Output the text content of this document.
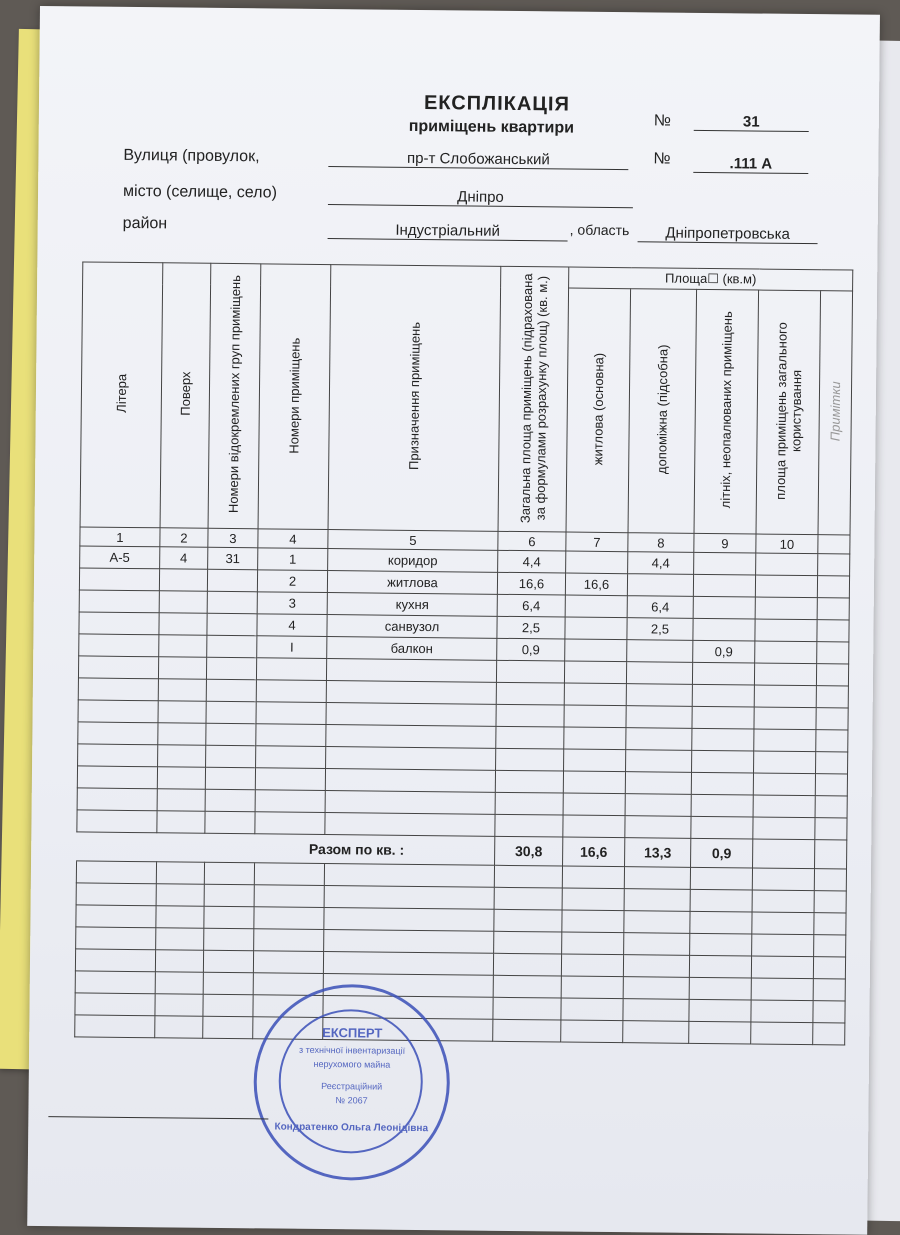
ЕКСПЛІКАЦІЯ
приміщень квартири	№	31
Вулиця (провулок,	пр-т Слобожанський	№	.111 А
місто (селище, село)	Дніпро
район	Індустріальний	, область	Дніпропетровська
Літера	Поверх	Номери відокремлених груп приміщень	Номери приміщень	Призначення приміщень	Загальна площа приміщень (підрахована за формулами розрахунку площ) (кв. м.)	Площа☐ (кв.м)				
						житлова (основна)	допоміжна (підсобна)	літніх, неопалюваних приміщень	площа приміщень загального користування	Примітки
1	2	3	4	5	6	7	8	9	10	
А-5	4	31	1	коридор	4,4		4,4			
			2	житлова	16,6	16,6				
			3	кухня	6,4		6,4			
			4	санвузол	2,5		2,5			
			І	балкон	0,9			0,9		

Разом по кв. :					30,8	16,6	13,3	0,9		

ЕКСПЕРТ
з технічної інвентаризації
нерухомого майна
Реєстраційний
№ 2067
Кондратенко Ольга Леонідівна
